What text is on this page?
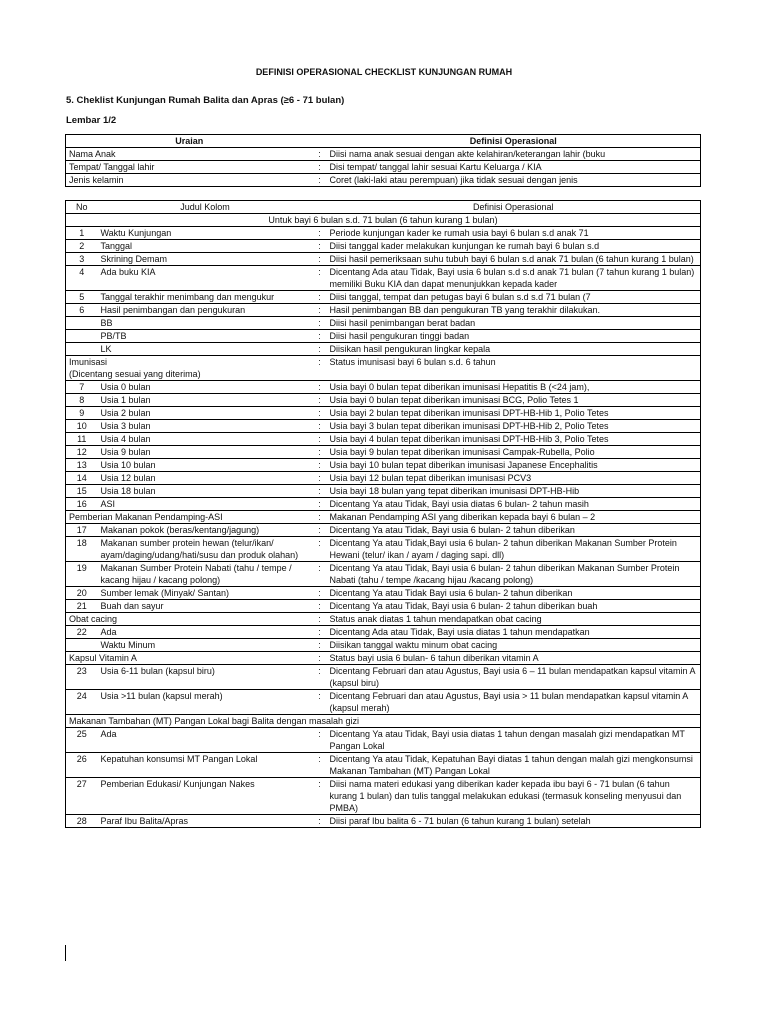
DEFINISI OPERASIONAL CHECKLIST KUNJUNGAN RUMAH
5. Cheklist Kunjungan Rumah Balita dan Apras (≥6 - 71 bulan)
Lembar 1/2
Uraian		Definisi Operasional
Nama Anak	:	Diisi nama anak sesuai dengan akte kelahiran/keterangan lahir (buku
Tempat/ Tanggal lahir	:	Disi tempat/ tanggal lahir sesuai Kartu Keluarga / KIA
Jenis kelamin	:	Coret (laki-laki atau perempuan) jika tidak sesuai dengan jenis
No	Judul Kolom		Definisi Operasional
Untuk bayi 6 bulan s.d. 71 bulan (6 tahun kurang 1 bulan)			
1	Waktu Kunjungan	:	Periode kunjungan kader ke rumah usia bayi 6 bulan s.d anak 71
2	Tanggal	:	Diisi tanggal kader melakukan kunjungan ke rumah bayi 6 bulan s.d
3	Skrining Demam	:	Diisi hasil pemeriksaan suhu tubuh bayi 6 bulan s.d anak 71 bulan (6 tahun kurang 1 bulan)
4	Ada buku KIA	:	Dicentang Ada atau Tidak, Bayi usia 6 bulan s.d s.d anak 71 bulan (7 tahun kurang 1 bulan) memiliki Buku KIA dan dapat menunjukkan kepada kader
5	Tanggal terakhir menimbang dan mengukur	:	Diisi tanggal, tempat dan petugas bayi 6 bulan s.d s.d 71 bulan (7
6	Hasil penimbangan dan pengukuran	:	Hasil penimbangan BB dan pengukuran TB yang terakhir dilakukan.
	BB	:	Diisi hasil penimbangan berat badan
	PB/TB	:	Diisi hasil pengukuran tinggi badan
	LK	:	Diisikan hasil pengukuran lingkar kepala
Imunisasi
(Dicentang sesuai yang diterima)		:	Status imunisasi bayi 6 bulan s.d. 6 tahun
7	Usia 0 bulan	:	Usia bayi 0 bulan tepat diberikan imunisasi Hepatitis B (<24 jam),
8	Usia 1 bulan	:	Usia bayi 0 bulan tepat diberikan imunisasi BCG, Polio Tetes 1
9	Usia 2 bulan	:	Usia bayi 2 bulan tepat diberikan imunisasi DPT-HB-Hib 1, Polio Tetes
10	Usia 3 bulan	:	Usia bayi 3 bulan tepat diberikan imunisasi DPT-HB-Hib 2, Polio Tetes
11	Usia 4 bulan	:	Usia bayi 4 bulan tepat diberikan imunisasi DPT-HB-Hib 3, Polio Tetes
12	Usia 9 bulan	:	Usia bayi 9 bulan tepat diberikan imunisasi Campak-Rubella, Polio
13	Usia 10 bulan	:	Usia bayi 10 bulan tepat diberikan imunisasi Japanese Encephalitis
14	Usia 12 bulan	:	Usia bayi 12 bulan tepat diberikan imunisasi PCV3
15	Usia 18 bulan	:	Usia bayi 18 bulan yang tepat diberikan imunisasi DPT-HB-Hib
16	ASI	:	Dicentang Ya atau Tidak, Bayi usia diatas 6 bulan- 2 tahun masih
Pemberian Makanan Pendamping-ASI		:	Makanan Pendamping ASI yang diberikan kepada bayi 6 bulan – 2
17	Makanan pokok (beras/kentang/jagung)	:	Dicentang Ya atau Tidak, Bayi usia 6 bulan- 2 tahun diberikan
18	Makanan sumber protein hewan (telur/ikan/ ayam/daging/udang/hati/susu dan produk olahan)	:	Dicentang Ya atau Tidak,Bayi usia 6 bulan- 2 tahun diberikan Makanan Sumber Protein Hewani (telur/ ikan / ayam / daging sapi. dll)
19	Makanan Sumber Protein Nabati (tahu / tempe / kacang hijau / kacang polong)	:	Dicentang Ya atau Tidak, Bayi usia 6 bulan- 2 tahun diberikan Makanan Sumber Protein Nabati (tahu / tempe /kacang hijau /kacang polong)
20	Sumber lemak (Minyak/ Santan)	:	Dicentang Ya atau Tidak Bayi usia 6 bulan- 2 tahun diberikan
21	Buah dan sayur	:	Dicentang Ya atau Tidak, Bayi usia 6 bulan- 2 tahun diberikan buah
Obat cacing		:	Status anak diatas 1 tahun mendapatkan obat cacing
22	Ada	:	Dicentang Ada atau Tidak, Bayi usia diatas 1 tahun mendapatkan
	Waktu Minum	:	Diisikan tanggal waktu minum obat cacing
Kapsul Vitamin A		:	Status bayi usia 6 bulan- 6 tahun diberikan vitamin A
23	Usia 6-11 bulan (kapsul biru)	:	Dicentang Februari dan atau Agustus, Bayi usia 6 – 11 bulan mendapatkan kapsul vitamin A (kapsul biru)
24	Usia >11 bulan (kapsul merah)	:	Dicentang Februari dan atau Agustus, Bayi usia > 11 bulan mendapatkan kapsul vitamin A (kapsul merah)
Makanan Tambahan (MT) Pangan Lokal bagi Balita dengan masalah gizi			
25	Ada	:	Dicentang Ya atau Tidak, Bayi usia diatas 1 tahun dengan masalah gizi mendapatkan MT Pangan Lokal
26	Kepatuhan konsumsi MT Pangan Lokal	:	Dicentang Ya atau Tidak, Kepatuhan Bayi diatas 1 tahun dengan malah gizi mengkonsumsi Makanan Tambahan (MT) Pangan Lokal
27	Pemberian Edukasi/ Kunjungan Nakes	:	Diisi nama materi edukasi yang diberikan kader kepada ibu bayi 6 - 71 bulan (6 tahun kurang 1 bulan) dan tulis tanggal melakukan edukasi (termasuk konseling menyusui dan PMBA)
28	Paraf Ibu Balita/Apras	:	Diisi paraf Ibu balita 6 - 71 bulan (6 tahun kurang 1 bulan) setelah
